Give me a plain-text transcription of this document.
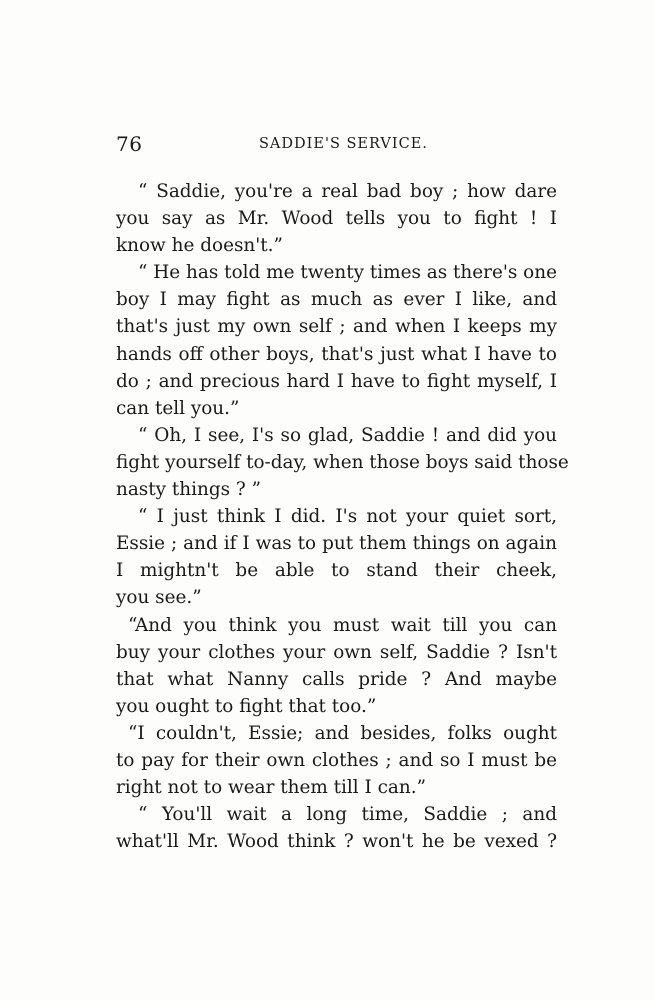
76	SADDIE'S SERVICE.
“ Saddie, you're a real bad boy ; how dare
you say as Mr. Wood tells you to fight ! I
know he doesn't.”
“ He has told me twenty times as there's one
boy I may fight as much as ever I like, and
that's just my own self ; and when I keeps my
hands off other boys, that's just what I have to
do ; and precious hard I have to fight myself, I
can tell you.”
“ Oh, I see, I's so glad, Saddie ! and did you
fight yourself to-day, when those boys said those
nasty things ? ”
“ I just think I did. I's not your quiet sort,
Essie ; and if I was to put them things on again
I mightn't be able to stand their cheek,
you see.”
“And you think you must wait till you can
buy your clothes your own self, Saddie ? Isn't
that what Nanny calls pride ? And maybe
you ought to fight that too.”
“I couldn't, Essie; and besides, folks ought
to pay for their own clothes ; and so I must be
right not to wear them till I can.”
“ You'll wait a long time, Saddie ; and
what'll Mr. Wood think ? won't he be vexed ?
